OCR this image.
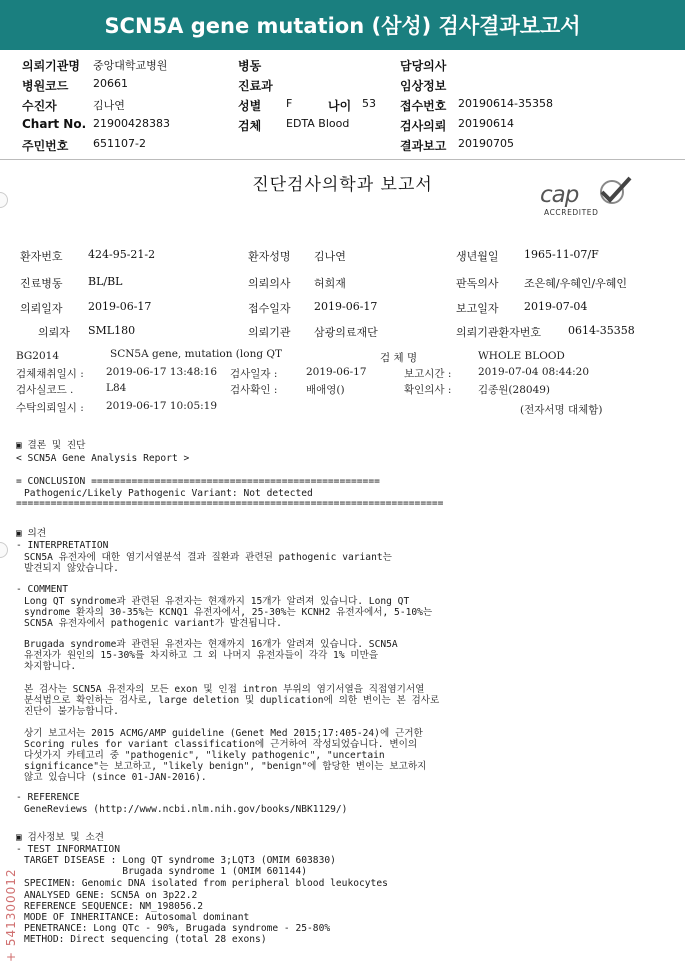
SCN5A gene mutation (삼성) 검사결과보고서
의뢰기관명 중앙대학교병원	병동	담당의사
병원코드 20661	진료과	임상정보
수진자	김나연	성별 F	나이 53 접수번호 20190614-35358
Chart No. 21900428383	검체 EDTA Blood	검사의뢰 20190614
주민번호 651107-2	결과보고 20190705
진단검사의학과 보고서	cap
ACCREDITED
환자번호 424-95-21-2	환자성명 김나연	생년월일 1965-11-07/F
진료병동 BL/BL	의뢰의사 허희재	판독의사 조은혜/우혜인/우혜인
의뢰일자 2019-06-17	접수일자 2019-06-17	보고일자 2019-07-04
의뢰자 SML180	의뢰기관 삼광의료재단	의뢰기관환자번호 0614-35358
BG2014	SCN5A gene, mutation (long QT	검 체 명	WHOLE BLOOD
검체채취일시 : 2019-06-17 13:48:16 검사일자 :	2019-06-17	보고시간 :	2019-07-04 08:44:20
검사실코드 .	L84	검사확인 :	배애영()	확인의사 :	김종원(28049)
수탁의뢰일시 : 2019-06-17 10:05:19	(전자서명 대체함)
▣ 결론 및 진단
< SCN5A Gene Analysis Report >
= CONCLUSION ==================================================
Pathogenic/Likely Pathogenic Variant: Not detected
==========================================================================
▣ 의견
- INTERPRETATION
SCN5A 유전자에 대한 염기서열분석 결과 질환과 관련된 pathogenic variant는
발견되지 않았습니다.
- COMMENT
Long QT syndrome과 관련된 유전자는 현재까지 15개가 알려져 있습니다. Long QT
syndrome 환자의 30-35%는 KCNQ1 유전자에서, 25-30%는 KCNH2 유전자에서, 5-10%는
SCN5A 유전자에서 pathogenic variant가 발견됩니다.
Brugada syndrome과 관련된 유전자는 현재까지 16개가 알려져 있습니다. SCN5A
유전자가 원인의 15-30%를 차지하고 그 외 나머지 유전자들이 각각 1% 미만을
차지합니다.
본 검사는 SCN5A 유전자의 모든 exon 및 인접 intron 부위의 염기서열을 직접염기서열
분석법으로 확인하는 검사로, large deletion 및 duplication에 의한 변이는 본 검사로
진단이 불가능합니다.
상기 보고서는 2015 ACMG/AMP guideline (Genet Med 2015;17:405-24)에 근거한
Scoring rules for variant classification에 근거하여 작성되었습니다. 변이의
다섯가지 카테고리 중 "pathogenic", "likely pathogenic", "uncertain
significance"는 보고하고, "likely benign", "benign"에 합당한 변이는 보고하지
않고 있습니다 (since 01-JAN-2016).
- REFERENCE
GeneReviews (http://www.ncbi.nlm.nih.gov/books/NBK1129/)
▣ 검사정보 및 소견
- TEST INFORMATION
TARGET DISEASE : Long QT syndrome 3;LQT3 (OMIM 603830)
Brugada syndrome 1 (OMIM 601144)
SPECIMEN: Genomic DNA isolated from peripheral blood leukocytes
ANALYSED GENE: SCN5A on 3p22.2
REFERENCE SEQUENCE: NM_198056.2
MODE OF INHERITANCE: Autosomal dominant
PENETRANCE: Long QTc - 90%, Brugada syndrome - 25-80%
METHOD: Direct sequencing (total 28 exons)
+ 541300012
